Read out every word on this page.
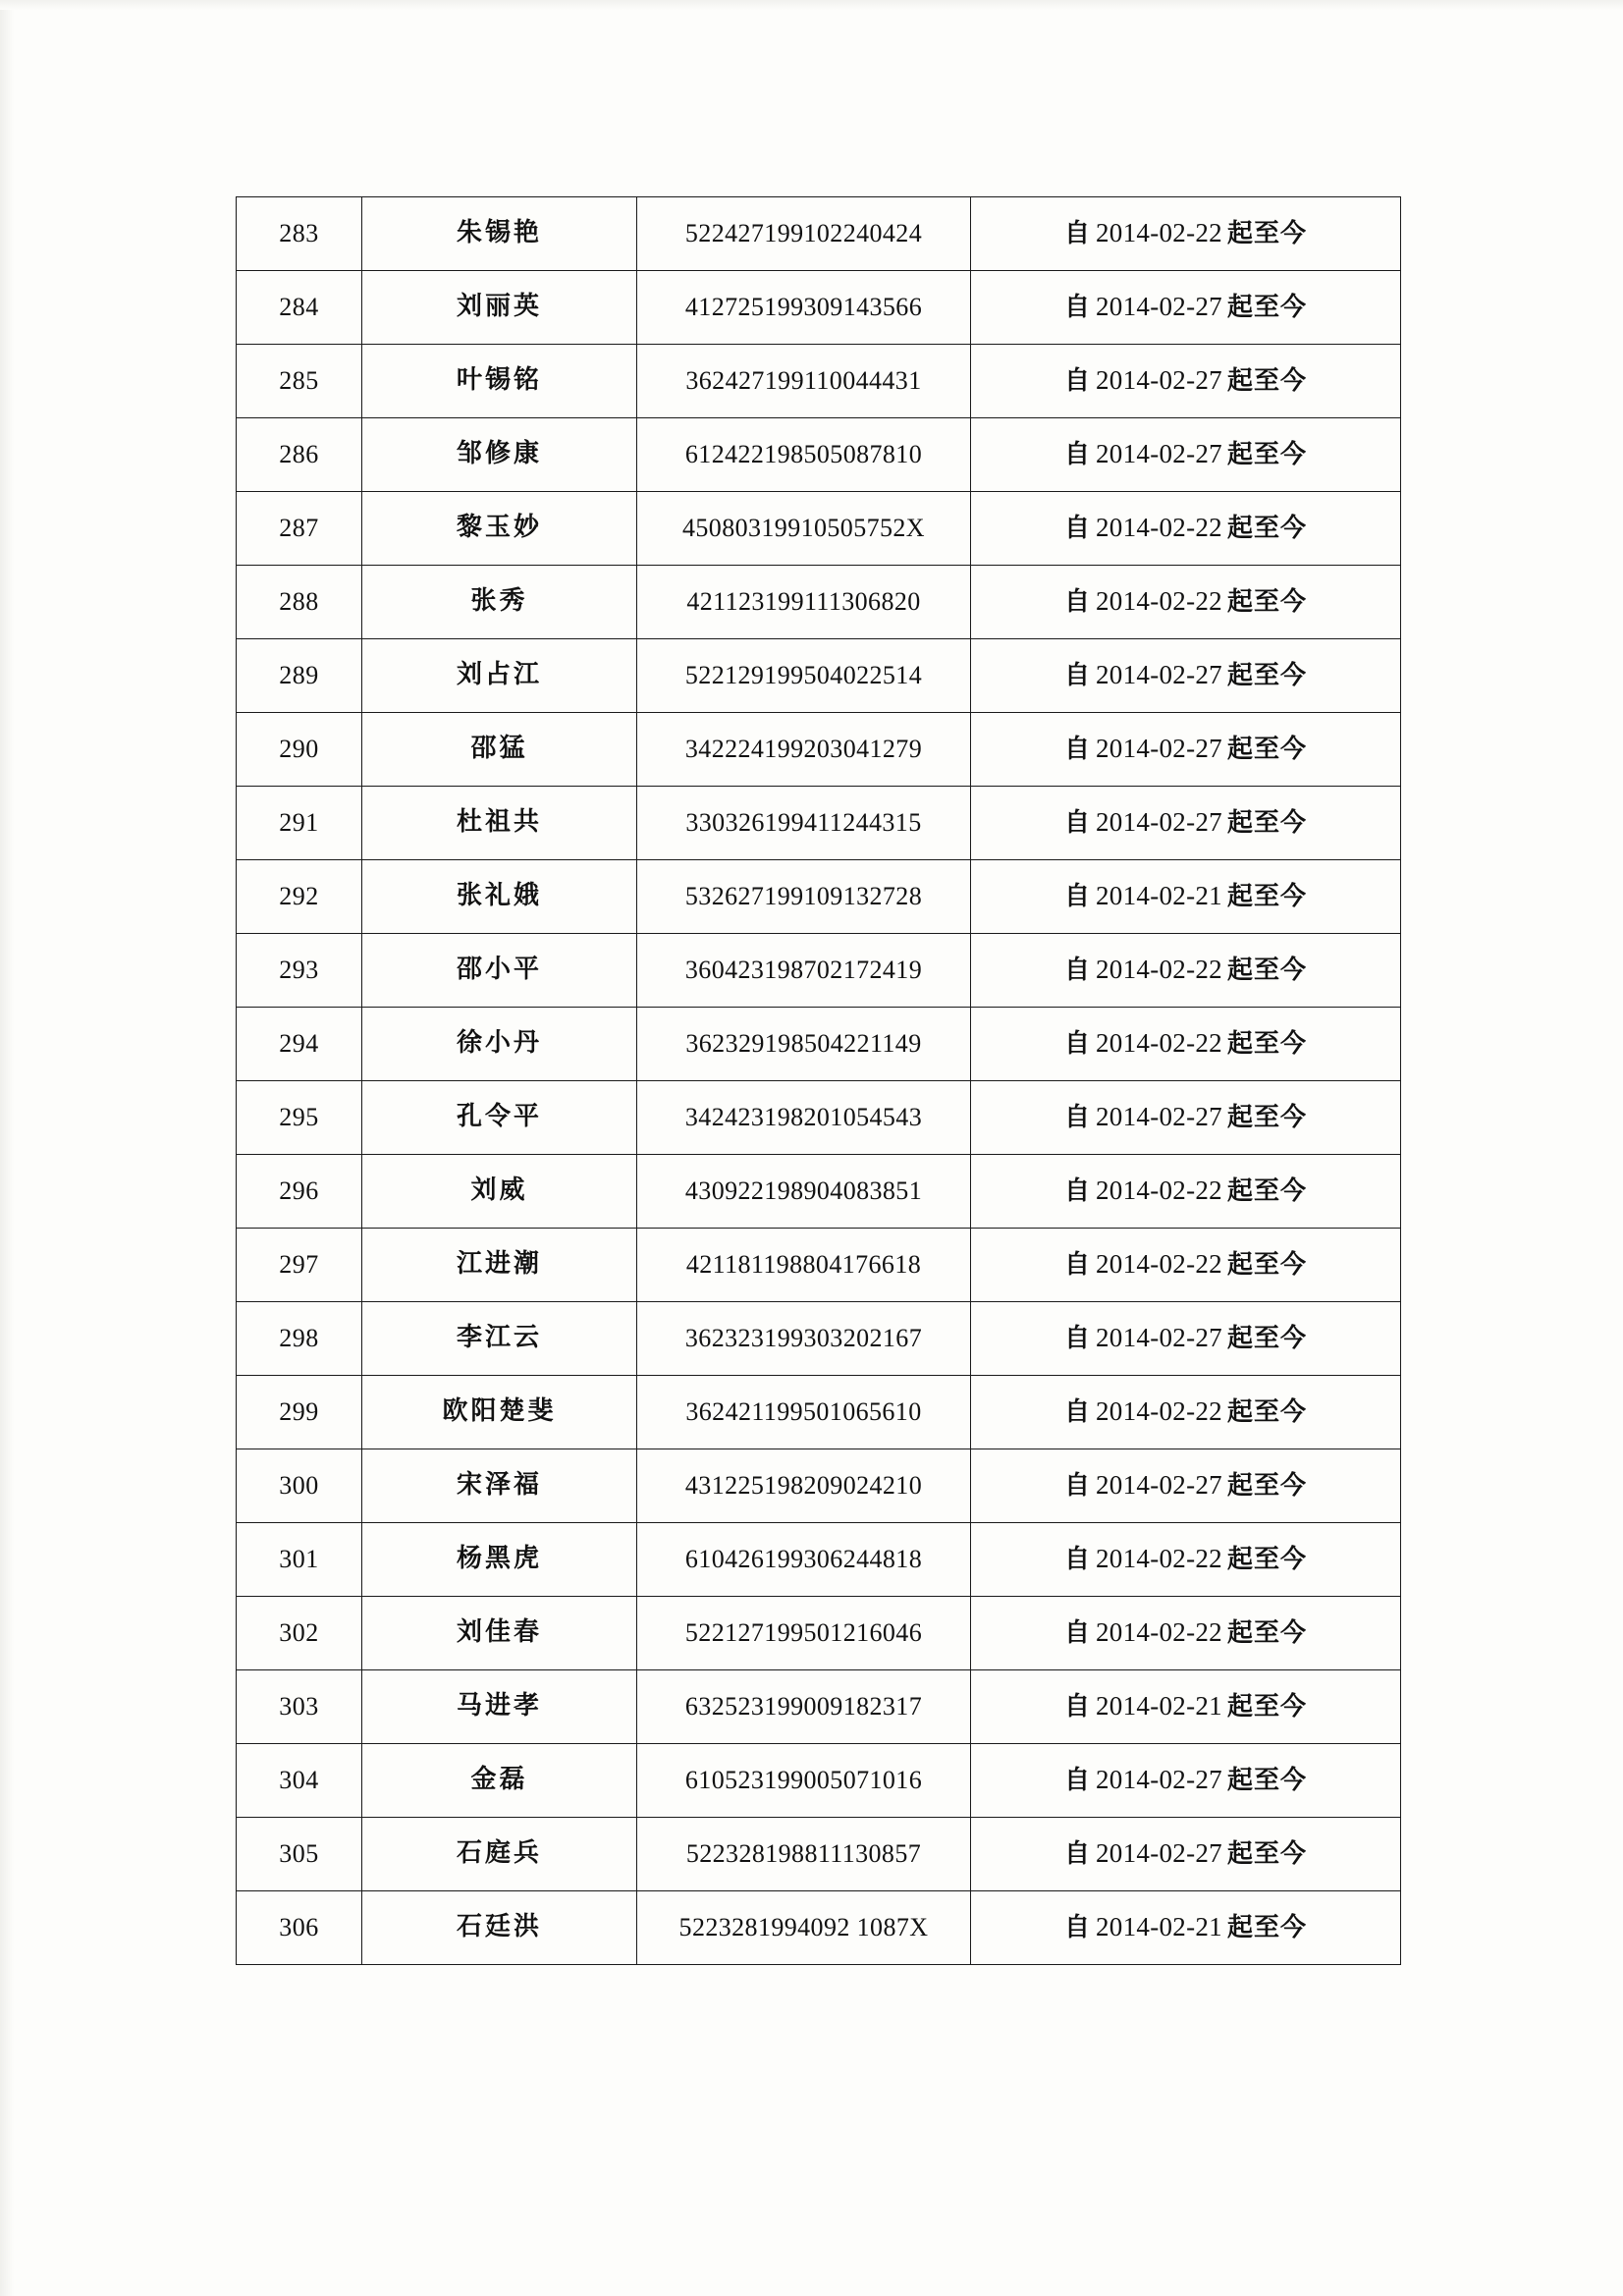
283	朱锡艳	522427199102240424	自 2014-02-22 起至今
284	刘丽英	412725199309143566	自 2014-02-27 起至今
285	叶锡铭	362427199110044431	自 2014-02-27 起至今
286	邹修康	612422198505087810	自 2014-02-27 起至今
287	黎玉妙	45080319910505752X	自 2014-02-22 起至今
288	张秀	421123199111306820	自 2014-02-22 起至今
289	刘占江	522129199504022514	自 2014-02-27 起至今
290	邵猛	342224199203041279	自 2014-02-27 起至今
291	杜祖共	330326199411244315	自 2014-02-27 起至今
292	张礼娥	532627199109132728	自 2014-02-21 起至今
293	邵小平	360423198702172419	自 2014-02-22 起至今
294	徐小丹	362329198504221149	自 2014-02-22 起至今
295	孔令平	342423198201054543	自 2014-02-27 起至今
296	刘威	430922198904083851	自 2014-02-22 起至今
297	江进潮	421181198804176618	自 2014-02-22 起至今
298	李江云	362323199303202167	自 2014-02-27 起至今
299	欧阳楚斐	362421199501065610	自 2014-02-22 起至今
300	宋泽福	431225198209024210	自 2014-02-27 起至今
301	杨黑虎	610426199306244818	自 2014-02-22 起至今
302	刘佳春	522127199501216046	自 2014-02-22 起至今
303	马进孝	632523199009182317	自 2014-02-21 起至今
304	金磊	610523199005071016	自 2014-02-27 起至今
305	石庭兵	522328198811130857	自 2014-02-27 起至今
306	石廷洪	5223281994092 1087X	自 2014-02-21 起至今
